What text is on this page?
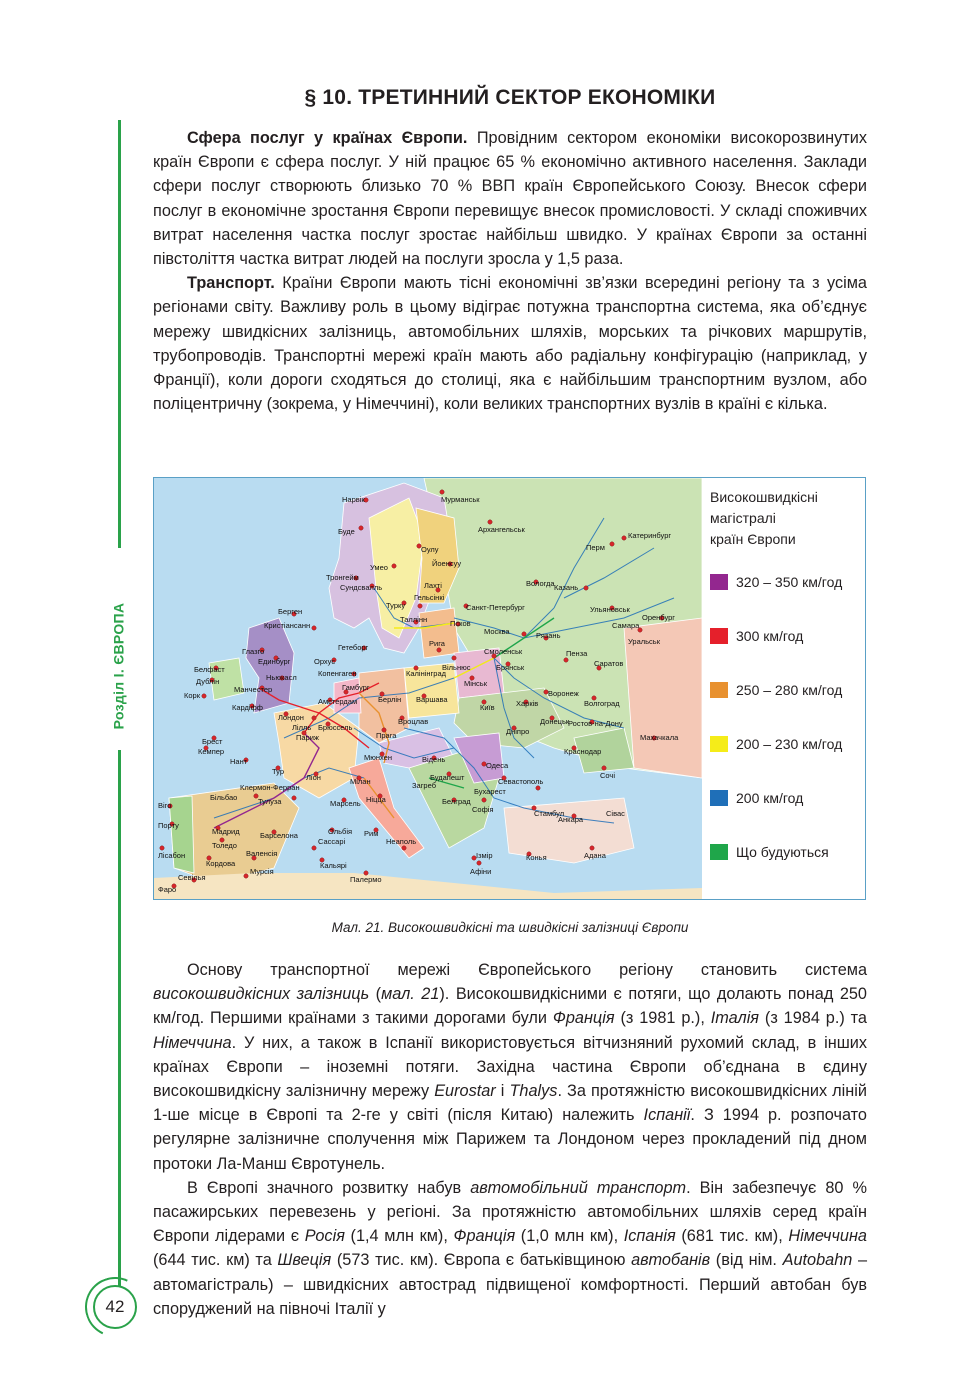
Розділ I. ЄВРОПА
42
§ 10. ТРЕТИННИЙ СЕКТОР ЕКОНОМІКИ

Сфера послуг у країнах Європи. Провідним сектором економіки високорозвинутих країн Європи є сфера послуг. У ній працює 65 % економічно активного населення. Заклади сфери послуг створюють близько 70 % ВВП країн Європейського Союзу. Внесок сфери послуг в економічне зростання Європи перевищує внесок промисловості. У складі споживчих витрат населення частка послуг зростає найбільш швидко. У країнах Європи за останні півстоліття частка витрат людей на послуги зросла у 1,5 раза.

Транспорт. Країни Європи мають тісні економічні зв’язки всередині регіону та з усіма регіонами світу. Важливу роль в цьому відіграє потужна транспортна система, яка об’єднує мережу швидкісних залізниць, автомобільних шляхів, морських та річкових маршрутів, трубопроводів. Транспортні мережі країн мають або радіальну конфігурацію (наприклад, у Франції), коли дороги сходяться до столиці, яка є найбільшим транспортним вузлом, або поліцентричну (зокрема, у Німеччині), коли великих транспортних вузлів в країні є кілька.

Нарвік	Мурманськ
Буде	Архангельськ
Оулу
Катеринбург
Перм
Тронгейм
Умео	Йоенсуу
Сундсвалль	Вологда
Турку
Лахті
Гельсінкі
Казань
Берген	Санкт-Петербург	Ульяновськ
Кристіансанн
Таллінн	Оренбург
Псков	Самара
Гетеборг	Рига
Москва	Рязань
Уральськ
Глазго
Орхус
Смоленськ	Пенза
Саратов
Единбург
Вільнюс	Брянськ
Белфаст	Копенгаген	Калінінград
Дублін	Ньюкасл
Мінськ
Манчестер	Гамбург
Берлін
Корк	Варшава
Воронеж
Волгоград
Амстердам
Київ	Харків
Кардіфф
Лондон
Лілль Брюссель
Вроцлав	Донецьк
Ростов-на-Дону
Брест	Париж	Прага	Дніпро
Кемпер
Мюнхен
Краснодар
Махачкала
Нант
Тур
Відень
Одеса
Сочі
Ліон	Мілан	Будапешт	Севастополь
Клермон-Ферран	Загреб
Бухарест
Більбао	Тулуза	Белград
Віго	Марсель Ніцца
Софія	Стамбул
Порту
Мадрид	Барселона	Рим
Анкара
Сівас
Лісабон
Толедо	Сассарі	Неаполь
Афіни
Адана
Валенсія
Ольбія
Кальярі
Палермо
Ізмір	Конья
Кордова
Мурсія
Севілья
Фаро
Високошвидкісні
магістралі
країн Європи
320 – 350 км/год
300 км/год
250 – 280 км/год
200 – 230 км/год
200 км/год
Що будуються

Мал. 21. Високошвидкісні та швидкісні залізниці Європи

Основу транспортної мережі Європейського регіону становить система високошвидкісних залізниць (мал. 21). Високошвидкісними є потяги, що долають понад 250 км/год. Першими країнами з такими дорогами були Франція (з 1981 р.), Італія (з 1984 р.) та Німеччина. У них, а також в Іспанії використовується вітчизняний рухомий склад, в інших країнах Європи – іноземні потяги. Західна частина Європи об’єднана в єдину високошвидкісну залізничну мережу Eurostar і Thalys. За протяжністю високошвидкісних ліній 1-ше місце в Європі та 2-ге у світі (після Китаю) належить Іспанії. З 1994 р. розпочато регулярне залізничне сполучення між Парижем та Лондоном через прокладений під дном протоки Ла-Манш Євротунель.

В Європі значного розвитку набув автомобільний транспорт. Він забезпечує 80 % пасажирських перевезень у регіоні. За протяжністю автомобільних шляхів серед країн Європи лідерами є Росія (1,4 млн км), Франція (1,0 млн км), Іспанія (681 тис. км), Німеччина (644 тис. км) та Швеція (573 тис. км). Європа є батьківщиною автобанів (від нім. Autobahn – автомагістраль) – швидкісних автострад підвищеної комфортності. Перший автобан був споруджений на півночі Італії у
